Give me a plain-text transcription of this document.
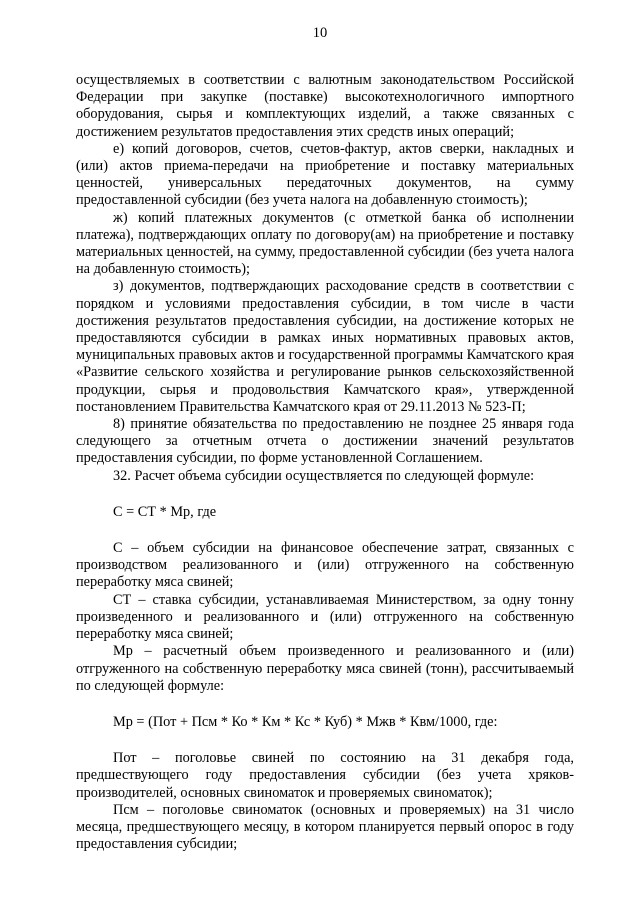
10

осуществляемых в соответствии с валютным законодательством Российской Федерации при закупке (поставке) высокотехнологичного импортного оборудования, сырья и комплектующих изделий, а также связанных с достижением результатов предоставления этих средств иных операций;

е) копий договоров, счетов, счетов-фактур, актов сверки, накладных и (или) актов приема-передачи на приобретение и поставку материальных ценностей, универсальных передаточных документов, на сумму предоставленной субсидии (без учета налога на добавленную стоимость);

ж) копий платежных документов (с отметкой банка об исполнении платежа), подтверждающих оплату по договору(ам) на приобретение и поставку материальных ценностей, на сумму, предоставленной субсидии (без учета налога на добавленную стоимость);

з) документов, подтверждающих расходование средств в соответствии с порядком и условиями предоставления субсидии, в том числе в части достижения результатов предоставления субсидии, на достижение которых не предоставляются субсидии в рамках иных нормативных правовых актов, муниципальных правовых актов и государственной программы Камчатского края «Развитие сельского хозяйства и регулирование рынков сельскохозяйственной продукции, сырья и продовольствия Камчатского края», утвержденной постановлением Правительства Камчатского края от 29.11.2013 № 523-П;

8) принятие обязательства по предоставлению не позднее 25 января года следующего за отчетным отчета о достижении значений результатов предоставления субсидии, по форме установленной Соглашением.

32. Расчет объема субсидии осуществляется по следующей формуле:

С = СТ * Мр, где

С – объем субсидии на финансовое обеспечение затрат, связанных с производством реализованного и (или) отгруженного на собственную переработку мяса свиней;

СТ – ставка субсидии, устанавливаемая Министерством, за одну тонну произведенного и реализованного и (или) отгруженного на собственную переработку мяса свиней;

Мр – расчетный объем произведенного и реализованного и (или) отгруженного на собственную переработку мяса свиней (тонн), рассчитываемый по следующей формуле:

Мр = (Пот + Псм * Ко * Км * Кс * Куб) * Мжв * Квм/1000, где:

Пот – поголовье свиней по состоянию на 31 декабря года, предшествующего году предоставления субсидии (без учета хряков-производителей, основных свиноматок и проверяемых свиноматок);

Псм – поголовье свиноматок (основных и проверяемых) на 31 число месяца, предшествующего месяцу, в котором планируется первый опорос в году предоставления субсидии;
